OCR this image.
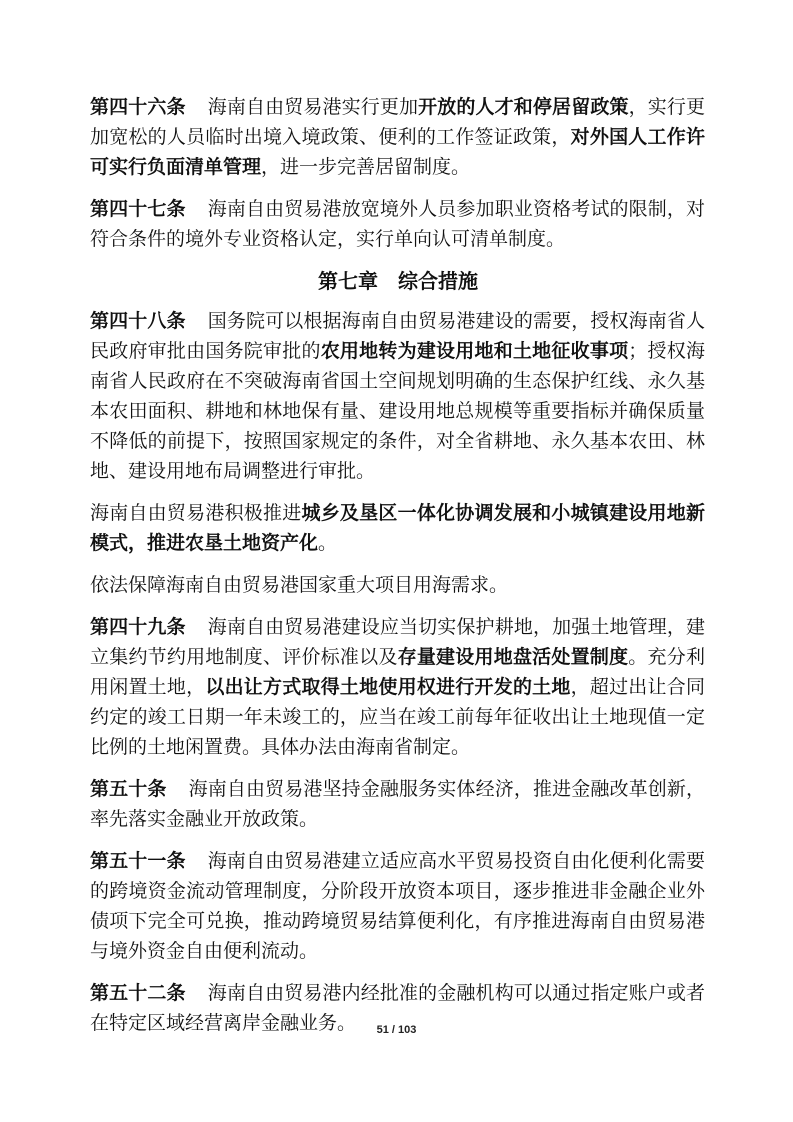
第四十六条 海南自由贸易港实行更加开放的人才和停居留政策，实行更加宽松的人员临时出境入境政策、便利的工作签证政策，对外国人工作许可实行负面清单管理，进一步完善居留制度。

第四十七条 海南自由贸易港放宽境外人员参加职业资格考试的限制，对符合条件的境外专业资格认定，实行单向认可清单制度。

第七章　综合措施

第四十八条 国务院可以根据海南自由贸易港建设的需要，授权海南省人民政府审批由国务院审批的农用地转为建设用地和土地征收事项；授权海南省人民政府在不突破海南省国土空间规划明确的生态保护红线、永久基本农田面积、耕地和林地保有量、建设用地总规模等重要指标并确保质量不降低的前提下，按照国家规定的条件，对全省耕地、永久基本农田、林地、建设用地布局调整进行审批。

海南自由贸易港积极推进城乡及垦区一体化协调发展和小城镇建设用地新模式，推进农垦土地资产化。

依法保障海南自由贸易港国家重大项目用海需求。

第四十九条 海南自由贸易港建设应当切实保护耕地，加强土地管理，建立集约节约用地制度、评价标准以及存量建设用地盘活处置制度。充分利用闲置土地，以出让方式取得土地使用权进行开发的土地，超过出让合同约定的竣工日期一年未竣工的，应当在竣工前每年征收出让土地现值一定比例的土地闲置费。具体办法由海南省制定。

第五十条 海南自由贸易港坚持金融服务实体经济，推进金融改革创新，率先落实金融业开放政策。

第五十一条 海南自由贸易港建立适应高水平贸易投资自由化便利化需要的跨境资金流动管理制度，分阶段开放资本项目，逐步推进非金融企业外债项下完全可兑换，推动跨境贸易结算便利化，有序推进海南自由贸易港与境外资金自由便利流动。

第五十二条 海南自由贸易港内经批准的金融机构可以通过指定账户或者在特定区域经营离岸金融业务。	51 / 103
